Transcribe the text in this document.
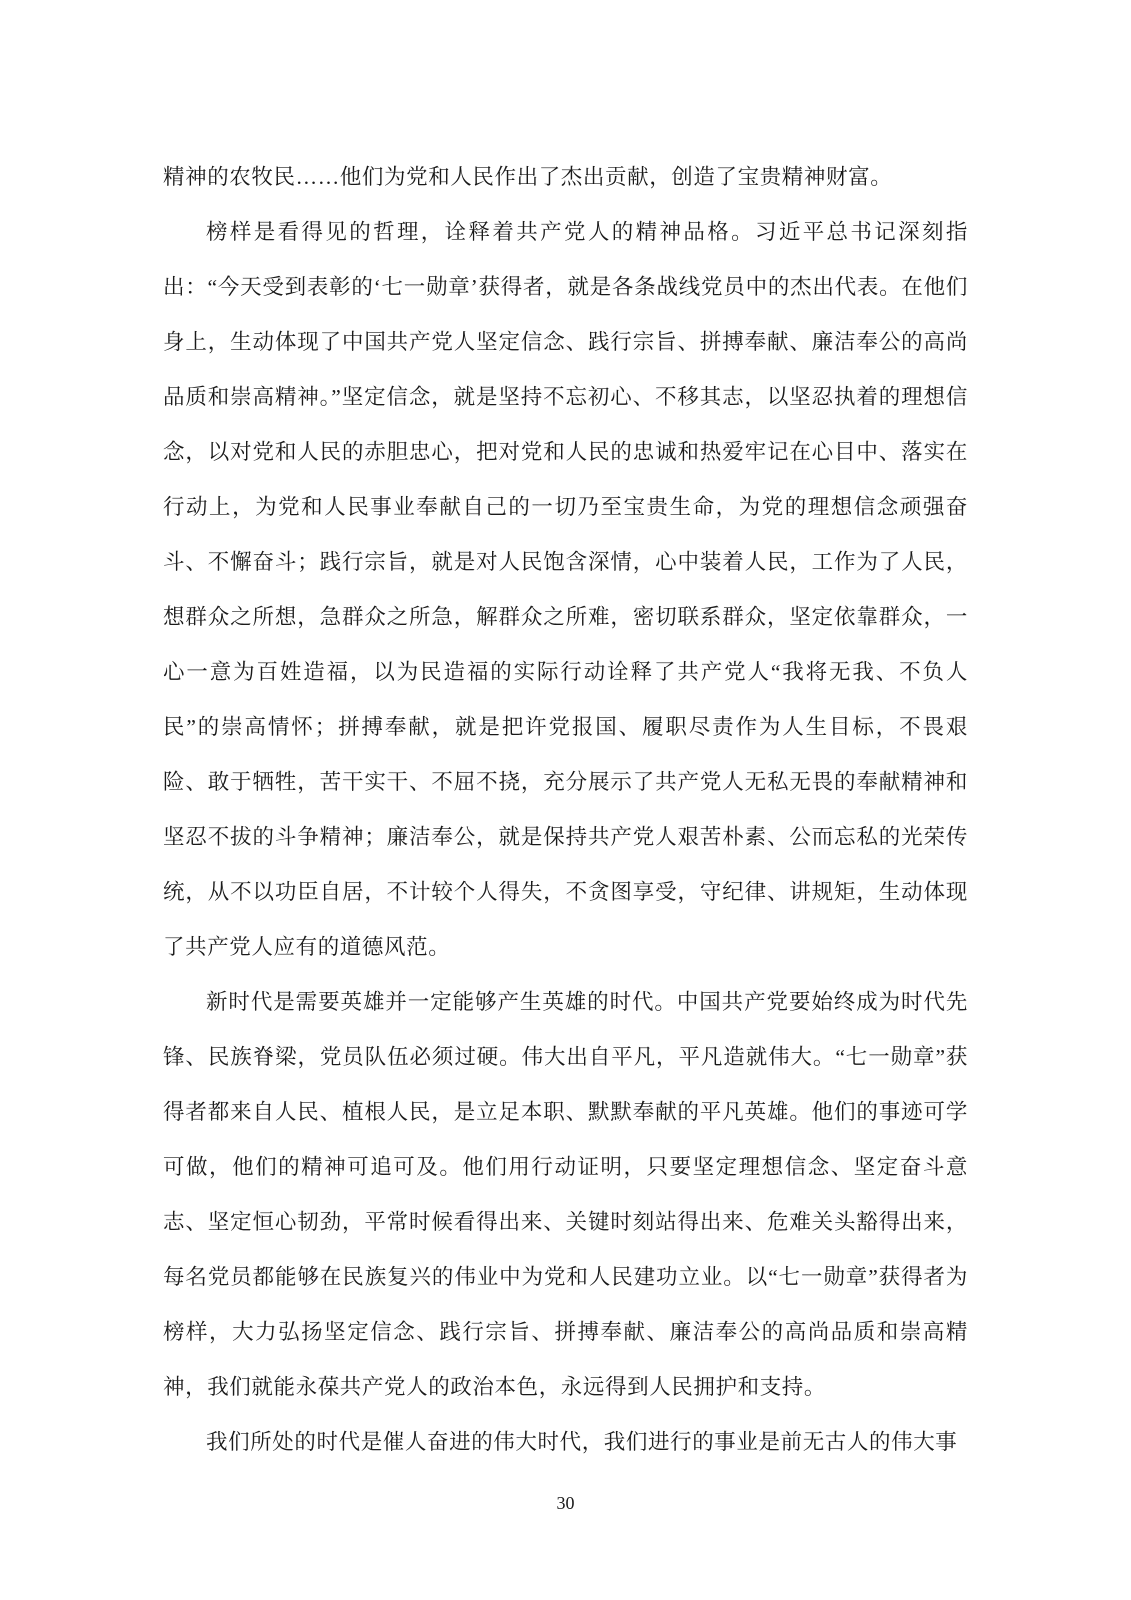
精神的农牧民……他们为党和人民作出了杰出贡献，创造了宝贵精神财富。

榜样是看得见的哲理，诠释着共产党人的精神品格。习近平总书记深刻指出：“今天受到表彰的‘七一勋章’获得者，就是各条战线党员中的杰出代表。在他们身上，生动体现了中国共产党人坚定信念、践行宗旨、拼搏奉献、廉洁奉公的高尚品质和崇高精神。”坚定信念，就是坚持不忘初心、不移其志，以坚忍执着的理想信念，以对党和人民的赤胆忠心，把对党和人民的忠诚和热爱牢记在心目中、落实在行动上，为党和人民事业奉献自己的一切乃至宝贵生命，为党的理想信念顽强奋斗、不懈奋斗；践行宗旨，就是对人民饱含深情，心中装着人民，工作为了人民，想群众之所想，急群众之所急，解群众之所难，密切联系群众，坚定依靠群众，一心一意为百姓造福，以为民造福的实际行动诠释了共产党人“我将无我、不负人民”的崇高情怀；拼搏奉献，就是把许党报国、履职尽责作为人生目标，不畏艰险、敢于牺牲，苦干实干、不屈不挠，充分展示了共产党人无私无畏的奉献精神和坚忍不拔的斗争精神；廉洁奉公，就是保持共产党人艰苦朴素、公而忘私的光荣传统，从不以功臣自居，不计较个人得失，不贪图享受，守纪律、讲规矩，生动体现了共产党人应有的道德风范。

新时代是需要英雄并一定能够产生英雄的时代。中国共产党要始终成为时代先锋、民族脊梁，党员队伍必须过硬。伟大出自平凡，平凡造就伟大。“七一勋章”获得者都来自人民、植根人民，是立足本职、默默奉献的平凡英雄。他们的事迹可学可做，他们的精神可追可及。他们用行动证明，只要坚定理想信念、坚定奋斗意志、坚定恒心韧劲，平常时候看得出来、关键时刻站得出来、危难关头豁得出来，每名党员都能够在民族复兴的伟业中为党和人民建功立业。以“七一勋章”获得者为榜样，大力弘扬坚定信念、践行宗旨、拼搏奉献、廉洁奉公的高尚品质和崇高精神，我们就能永葆共产党人的政治本色，永远得到人民拥护和支持。

我们所处的时代是催人奋进的伟大时代，我们进行的事业是前无古人的伟大事

30
